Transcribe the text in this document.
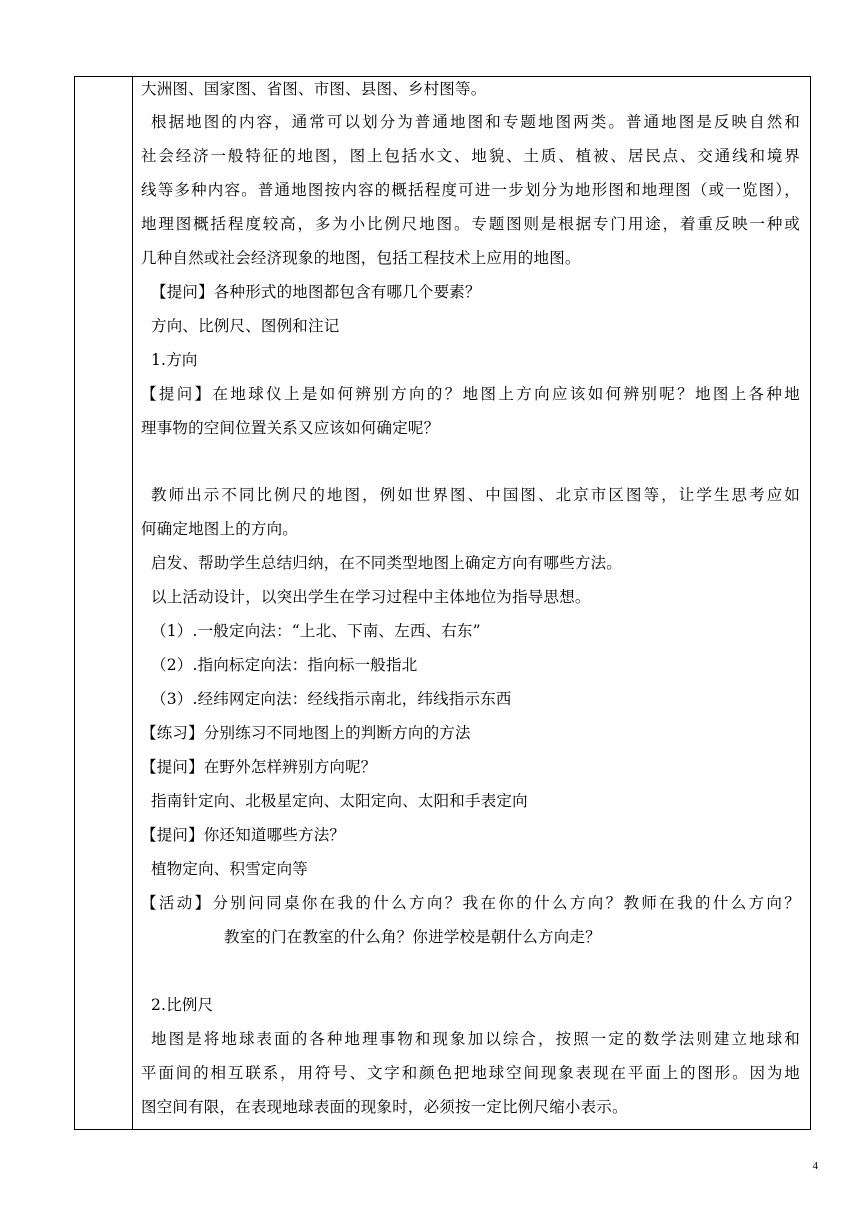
大洲图、国家图、省图、市图、县图、乡村图等。
根据地图的内容，通常可以划分为普通地图和专题地图两类。普通地图是反映自然和
社会经济一般特征的地图，图上包括水文、地貌、土质、植被、居民点、交通线和境界
线等多种内容。普通地图按内容的概括程度可进一步划分为地形图和地理图（或一览图），
地理图概括程度较高，多为小比例尺地图。专题图则是根据专门用途，着重反映一种或
几种自然或社会经济现象的地图，包括工程技术上应用的地图。
【提问】各种形式的地图都包含有哪几个要素？
方向、比例尺、图例和注记
1.方向
【提问】在地球仪上是如何辨别方向的？地图上方向应该如何辨别呢？地图上各种地
理事物的空间位置关系又应该如何确定呢？
教师出示不同比例尺的地图，例如世界图、中国图、北京市区图等，让学生思考应如
何确定地图上的方向。
启发、帮助学生总结归纳，在不同类型地图上确定方向有哪些方法。
以上活动设计，以突出学生在学习过程中主体地位为指导思想。
（1）.一般定向法：“上北、下南、左西、右东”
（2）.指向标定向法：指向标一般指北
（3）.经纬网定向法：经线指示南北，纬线指示东西
【练习】分别练习不同地图上的判断方向的方法
【提问】在野外怎样辨别方向呢？
指南针定向、北极星定向、太阳定向、太阳和手表定向
【提问】你还知道哪些方法？
植物定向、积雪定向等
【活动】分别问同桌你在我的什么方向？我在你的什么方向？教师在我的什么方向？
教室的门在教室的什么角？你进学校是朝什么方向走？
2.比例尺
地图是将地球表面的各种地理事物和现象加以综合，按照一定的数学法则建立地球和
平面间的相互联系，用符号、文字和颜色把地球空间现象表现在平面上的图形。因为地
图空间有限，在表现地球表面的现象时，必须按一定比例尺缩小表示。
4
